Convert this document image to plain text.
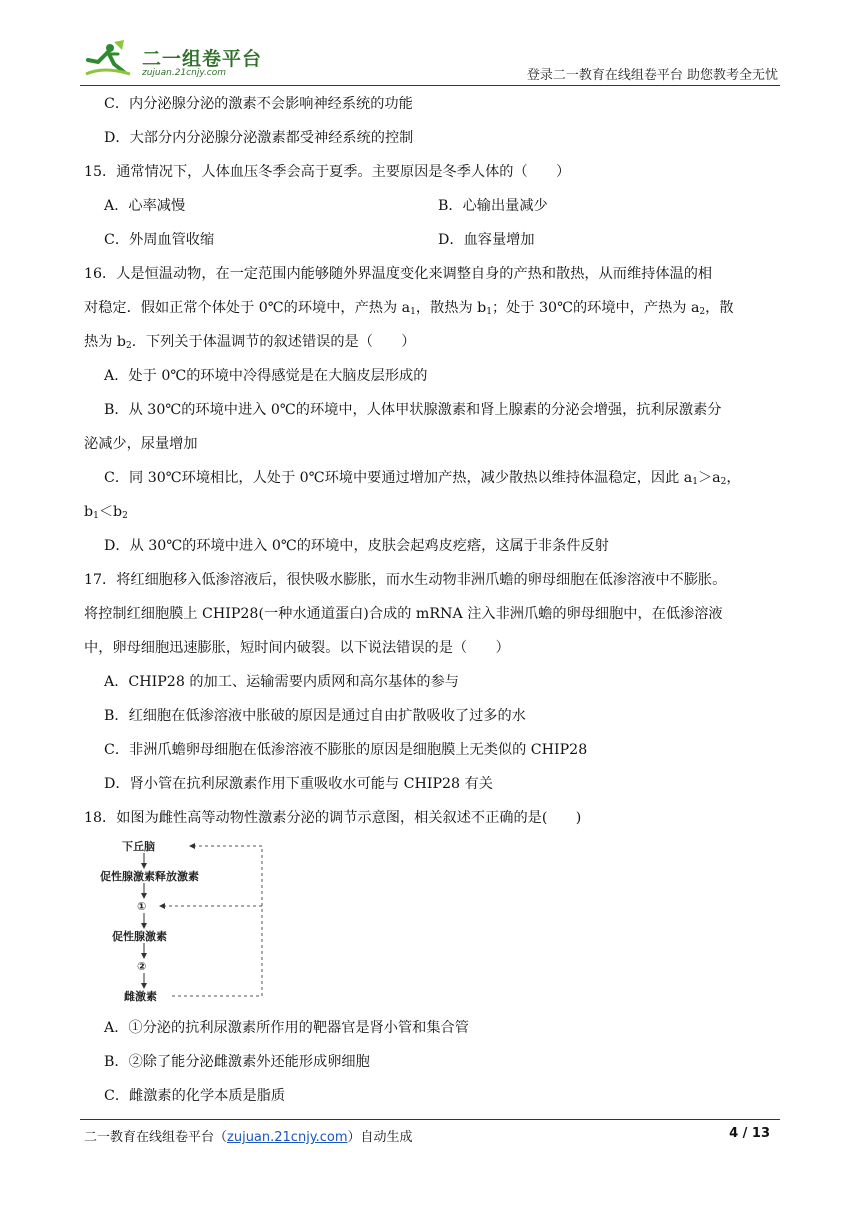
二一组卷平台
zujuan.21cnjy.com	登录二一教育在线组卷平台 助您教考全无忧
C．内分泌腺分泌的激素不会影响神经系统的功能
D．大部分内分泌腺分泌激素都受神经系统的控制
15．通常情况下，人体血压冬季会高于夏季。主要原因是冬季人体的（　　）
A．心率减慢	B．心输出量减少
C．外周血管收缩	D．血容量增加
16．人是恒温动物，在一定范围内能够随外界温度变化来调整自身的产热和散热，从而维持体温的相
对稳定．假如正常个体处于 0℃的环境中，产热为 $a_1$，散热为 $b_1$；处于 30℃的环境中，产热为 $a_2$，散
热为 $b_2$．下列关于体温调节的叙述错误的是（　　）
A．处于 0℃的环境中冷得感觉是在大脑皮层形成的
B．从 30℃的环境中进入 0℃的环境中，人体甲状腺激素和肾上腺素的分泌会增强，抗利尿激素分
泌减少，尿量增加
C．同 30℃环境相比，人处于 0℃环境中要通过增加产热，减少散热以维持体温稳定，因此 $a_1>a_2$，
$b_1<b_2$
D．从 30℃的环境中进入 0℃的环境中，皮肤会起鸡皮疙瘩，这属于非条件反射
17．将红细胞移入低渗溶液后，很快吸水膨胀，而水生动物非洲爪蟾的卵母细胞在低渗溶液中不膨胀。
将控制红细胞膜上 CHIP28(一种水通道蛋白)合成的 mRNA 注入非洲爪蟾的卵母细胞中，在低渗溶液
中，卵母细胞迅速膨胀，短时间内破裂。以下说法错误的是（　　）
A．CHIP28 的加工、运输需要内质网和高尔基体的参与
B．红细胞在低渗溶液中胀破的原因是通过自由扩散吸收了过多的水
C．非洲爪蟾卵母细胞在低渗溶液不膨胀的原因是细胞膜上无类似的 CHIP28
D．肾小管在抗利尿激素作用下重吸收水可能与 CHIP28 有关
18．如图为雌性高等动物性激素分泌的调节示意图，相关叙述不正确的是(　　)
下丘脑
促性腺激素释放激素
①
促性腺激素
②
雌激素
A．①分泌的抗利尿激素所作用的靶器官是肾小管和集合管
B．②除了能分泌雌激素外还能形成卵细胞
C．雌激素的化学本质是脂质
二一教育在线组卷平台（zujuan.21cnjy.com）自动生成	4 / 13
